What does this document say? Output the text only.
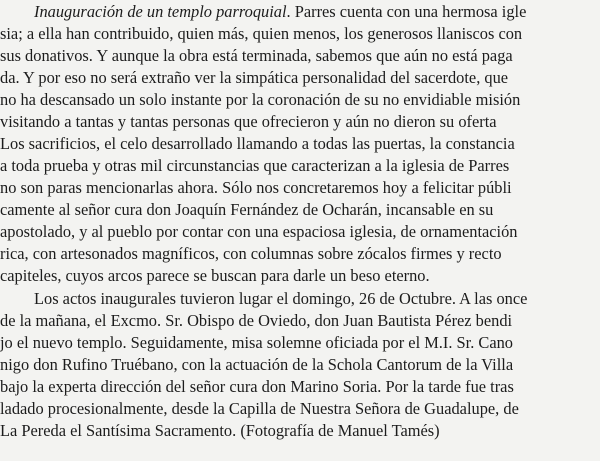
Inauguración de un templo parroquial. Parres cuenta con una hermosa igle
sia; a ella han contribuido, quien más, quien menos, los generosos llaniscos con
sus donativos. Y aunque la obra está terminada, sabemos que aún no está paga
da. Y por eso no será extraño ver la simpática personalidad del sacerdote, que
no ha descansado un solo instante por la coronación de su no envidiable misión
visitando a tantas y tantas personas que ofrecieron y aún no dieron su oferta
Los sacrificios, el celo desarrollado llamando a todas las puertas, la constancia
a toda prueba y otras mil circunstancias que caracterizan a la iglesia de Parres
no son paras mencionarlas ahora. Sólo nos concretaremos hoy a felicitar públi
camente al señor cura don Joaquín Fernández de Ocharán, incansable en su
apostolado, y al pueblo por contar con una espaciosa iglesia, de ornamentación
rica, con artesonados magníficos, con columnas sobre zócalos firmes y recto
capiteles, cuyos arcos parece se buscan para darle un beso eterno.
Los actos inaugurales tuvieron lugar el domingo, 26 de Octubre. A las once
de la mañana, el Excmo. Sr. Obispo de Oviedo, don Juan Bautista Pérez bendi
jo el nuevo templo. Seguidamente, misa solemne oficiada por el M.I. Sr. Cano
nigo don Rufino Truébano, con la actuación de la Schola Cantorum de la Villa
bajo la experta dirección del señor cura don Marino Soria. Por la tarde fue tras
ladado procesionalmente, desde la Capilla de Nuestra Señora de Guadalupe, de
La Pereda el Santísima Sacramento. (Fotografía de Manuel Tamés)
